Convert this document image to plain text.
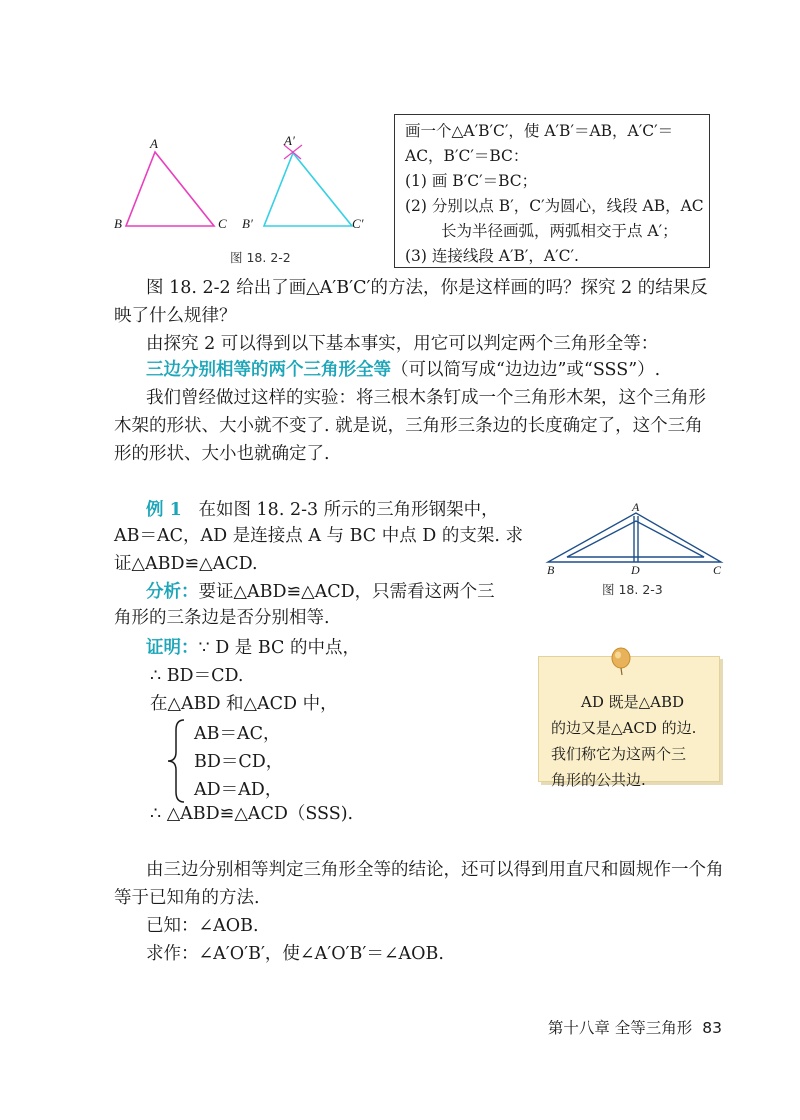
A
B	C
A′
B′	C′
图 18. 2-2
画一个△A′B′C′，使 A′B′＝AB，A′C′＝
AC，B′C′＝BC：
(1) 画 B′C′＝BC；
(2) 分别以点 B′，C′为圆心，线段 AB，AC
长为半径画弧，两弧相交于点 A′；
(3) 连接线段 A′B′，A′C′.
图 18. 2-2 给出了画△A′B′C′的方法，你是这样画的吗？探究 2 的结果反
映了什么规律？
由探究 2 可以得到以下基本事实，用它可以判定两个三角形全等：
三边分别相等的两个三角形全等（可以简写成“边边边”或“SSS”）.
我们曾经做过这样的实验：将三根木条钉成一个三角形木架，这个三角形
木架的形状、大小就不变了. 就是说，三角形三条边的长度确定了，这个三角
形的形状、大小也就确定了.
例 1 在如图 18. 2-3 所示的三角形钢架中，
AB＝AC，AD 是连接点 A 与 BC 中点 D 的支架. 求
证△ABD≌△ACD.
A
B	C
D
图 18. 2-3
分析：要证△ABD≌△ACD，只需看这两个三
角形的三条边是否分别相等.
证明：∵ D 是 BC 的中点，
∴ BD＝CD.
在△ABD 和△ACD 中，
AB＝AC，
BD＝CD，
AD＝AD，
∴ △ABD≌△ACD（SSS).
AD 既是△ABD
的边又是△ACD 的边.
我们称它为这两个三
角形的公共边.
由三边分别相等判定三角形全等的结论，还可以得到用直尺和圆规作一个角
等于已知角的方法.
已知：∠AOB.
求作：∠A′O′B′，使∠A′O′B′＝∠AOB.
第十八章 全等三角形 83
